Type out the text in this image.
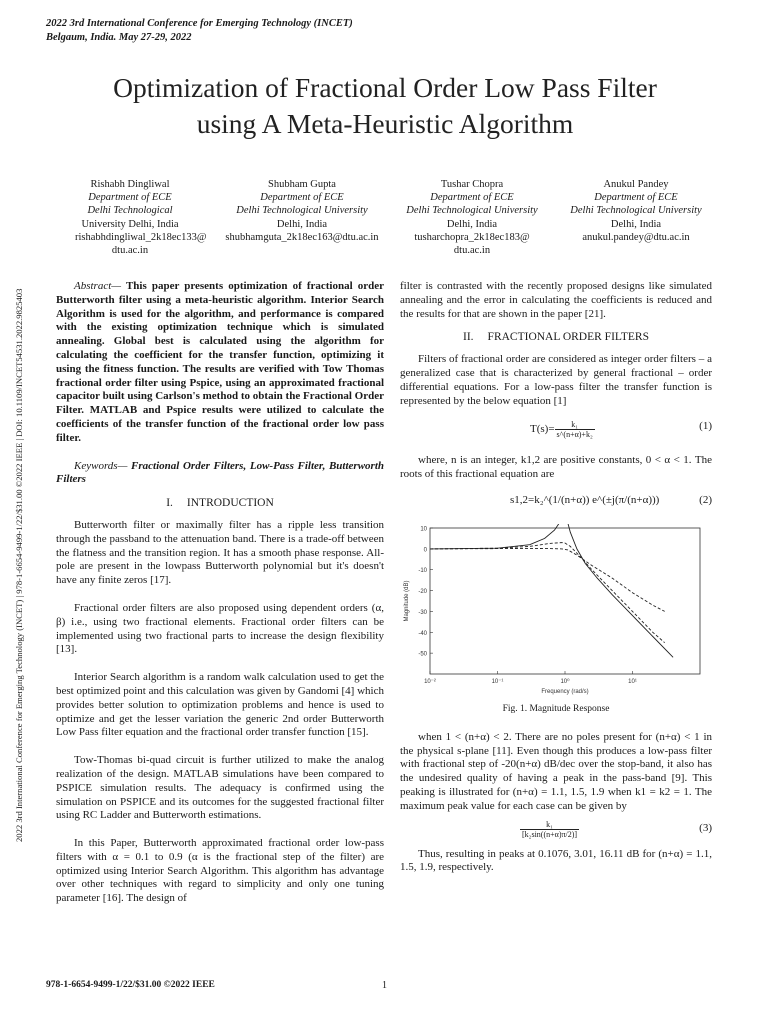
2022 3rd International Conference for Emerging Technology (INCET)
Belgaum, India. May 27-29, 2022
2022 3rd International Conference for Emerging Technology (INCET) | 978-1-6654-9499-1/22/$31.00 ©2022 IEEE | DOI: 10.1109/INCET54531.2022.9825403
Optimization of Fractional Order Low Pass Filter
using A Meta-Heuristic Algorithm
Rishabh Dingliwal
Department of ECE
Delhi Technological
University Delhi, India
rishabhdingliwal_2k18ec133@
dtu.ac.in
Shubham Gupta
Department of ECE
Delhi Technological University
Delhi, India
shubhamguta_2k18ec163@dtu.ac.in
Tushar Chopra
Department of ECE
Delhi Technological University
Delhi, India
tusharchopra_2k18ec183@
dtu.ac.in
Anukul Pandey
Department of ECE
Delhi Technological University
Delhi, India
anukul.pandey@dtu.ac.in

Abstract— This paper presents optimization of fractional order Butterworth filter using a meta-heuristic algorithm. Interior Search Algorithm is used for the algorithm, and performance is compared with the existing optimization technique which is simulated annealing. Global best is calculated using the algorithm for calculating the coefficient for the transfer function, optimizing it using the fitness function. The results are verified with Tow Thomas fractional order filter using Pspice, using an approximated fractional capacitor built using Carlson's method to obtain the Fractional Order Filter. MATLAB and Pspice results were utilized to calculate the coefficients of the transfer function of the fractional order low pass filter.

Keywords— Fractional Order Filters, Low-Pass Filter, Butterworth Filters

I. INTRODUCTION

Butterworth filter or maximally filter has a ripple less transition through the passband to the attenuation band. There is a trade-off between the flatness and the transition region. It has a smooth phase response. All-pole are present in the lowpass Butterworth polynomial but it's doesn't have any finite zeros [17].

Fractional order filters are also proposed using dependent orders (α, β) i.e., using two fractional elements. Fractional order filters can be implemented using two fractional parts to increase the design flexibility [13].

Interior Search algorithm is a random walk calculation used to get the best optimized point and this calculation was given by Gandomi [4] which provides better solution to optimization problems and hence is used to optimize and get the lesser variation the generic 2nd order Butterworth Low Pass filter equation and the fractional order transfer function [15].

Tow-Thomas bi-quad circuit is further utilized to make the analog realization of the design. MATLAB simulations have been compared to PSPICE simulation results. The adequacy is confirmed using the simulation on PSPICE and its outcomes for the suggested fractional filter using RC Ladder and Butterworth estimations.

In this Paper, Butterworth approximated fractional order low-pass filters with α = 0.1 to 0.9 (α is the fractional step of the filter) are optimized using Interior Search Algorithm. This algorithm has advantage over other techniques with regard to simplicity and only one tuning parameter [16]. The design of

filter is contrasted with the recently proposed designs like simulated annealing and the error in calculating the coefficients is reduced and the results for that are shown in the paper [21].

II. FRACTIONAL ORDER FILTERS

Filters of fractional order are considered as integer order filters – a generalized case that is characterized by general fractional – order differential equations. For a low-pass filter the transfer function is represented by the below equation [1]

$T(s)= \frac{\text{k₁}}{\text{s\textasciicircum{}(n+α)+k₂}}$	(1)

where, n is an integer, k1,2 are positive constants, 0 < α < 1. The roots of this fractional equation are

s1,2=k₂^(1/(n+α)) e^(±j(π/(n+α)))	(2)
10
0
-10
-20
-30
-40
-50
10⁻²	10⁻¹	10⁰	10¹
Frequency (rad/s)
Magnitude (dB)
Fig. 1. Magnitude Response

when 1 < (n+α) < 2. There are no poles present for (n+α) < 1 in the physical s-plane [11]. Even though this produces a low-pass filter with fractional step of -20(n+α) dB/dec over the stop-band, it also has the undesired quality of having a peak in the pass-band [9]. This peaking is illustrated for (n+α) = 1.1, 1.5, 1.9 when k1 = k2 = 1. The maximum peak value for each case can be given by

$\frac{\text{k₁}}{\text{[k₂sin((n+α)π/2)]}}$	(3)

Thus, resulting in peaks at 0.1076, 3.01, 16.11 dB for (n+α) = 1.1, 1.5, 1.9, respectively.

978-1-6654-9499-1/22/$31.00 ©2022 IEEE	1
